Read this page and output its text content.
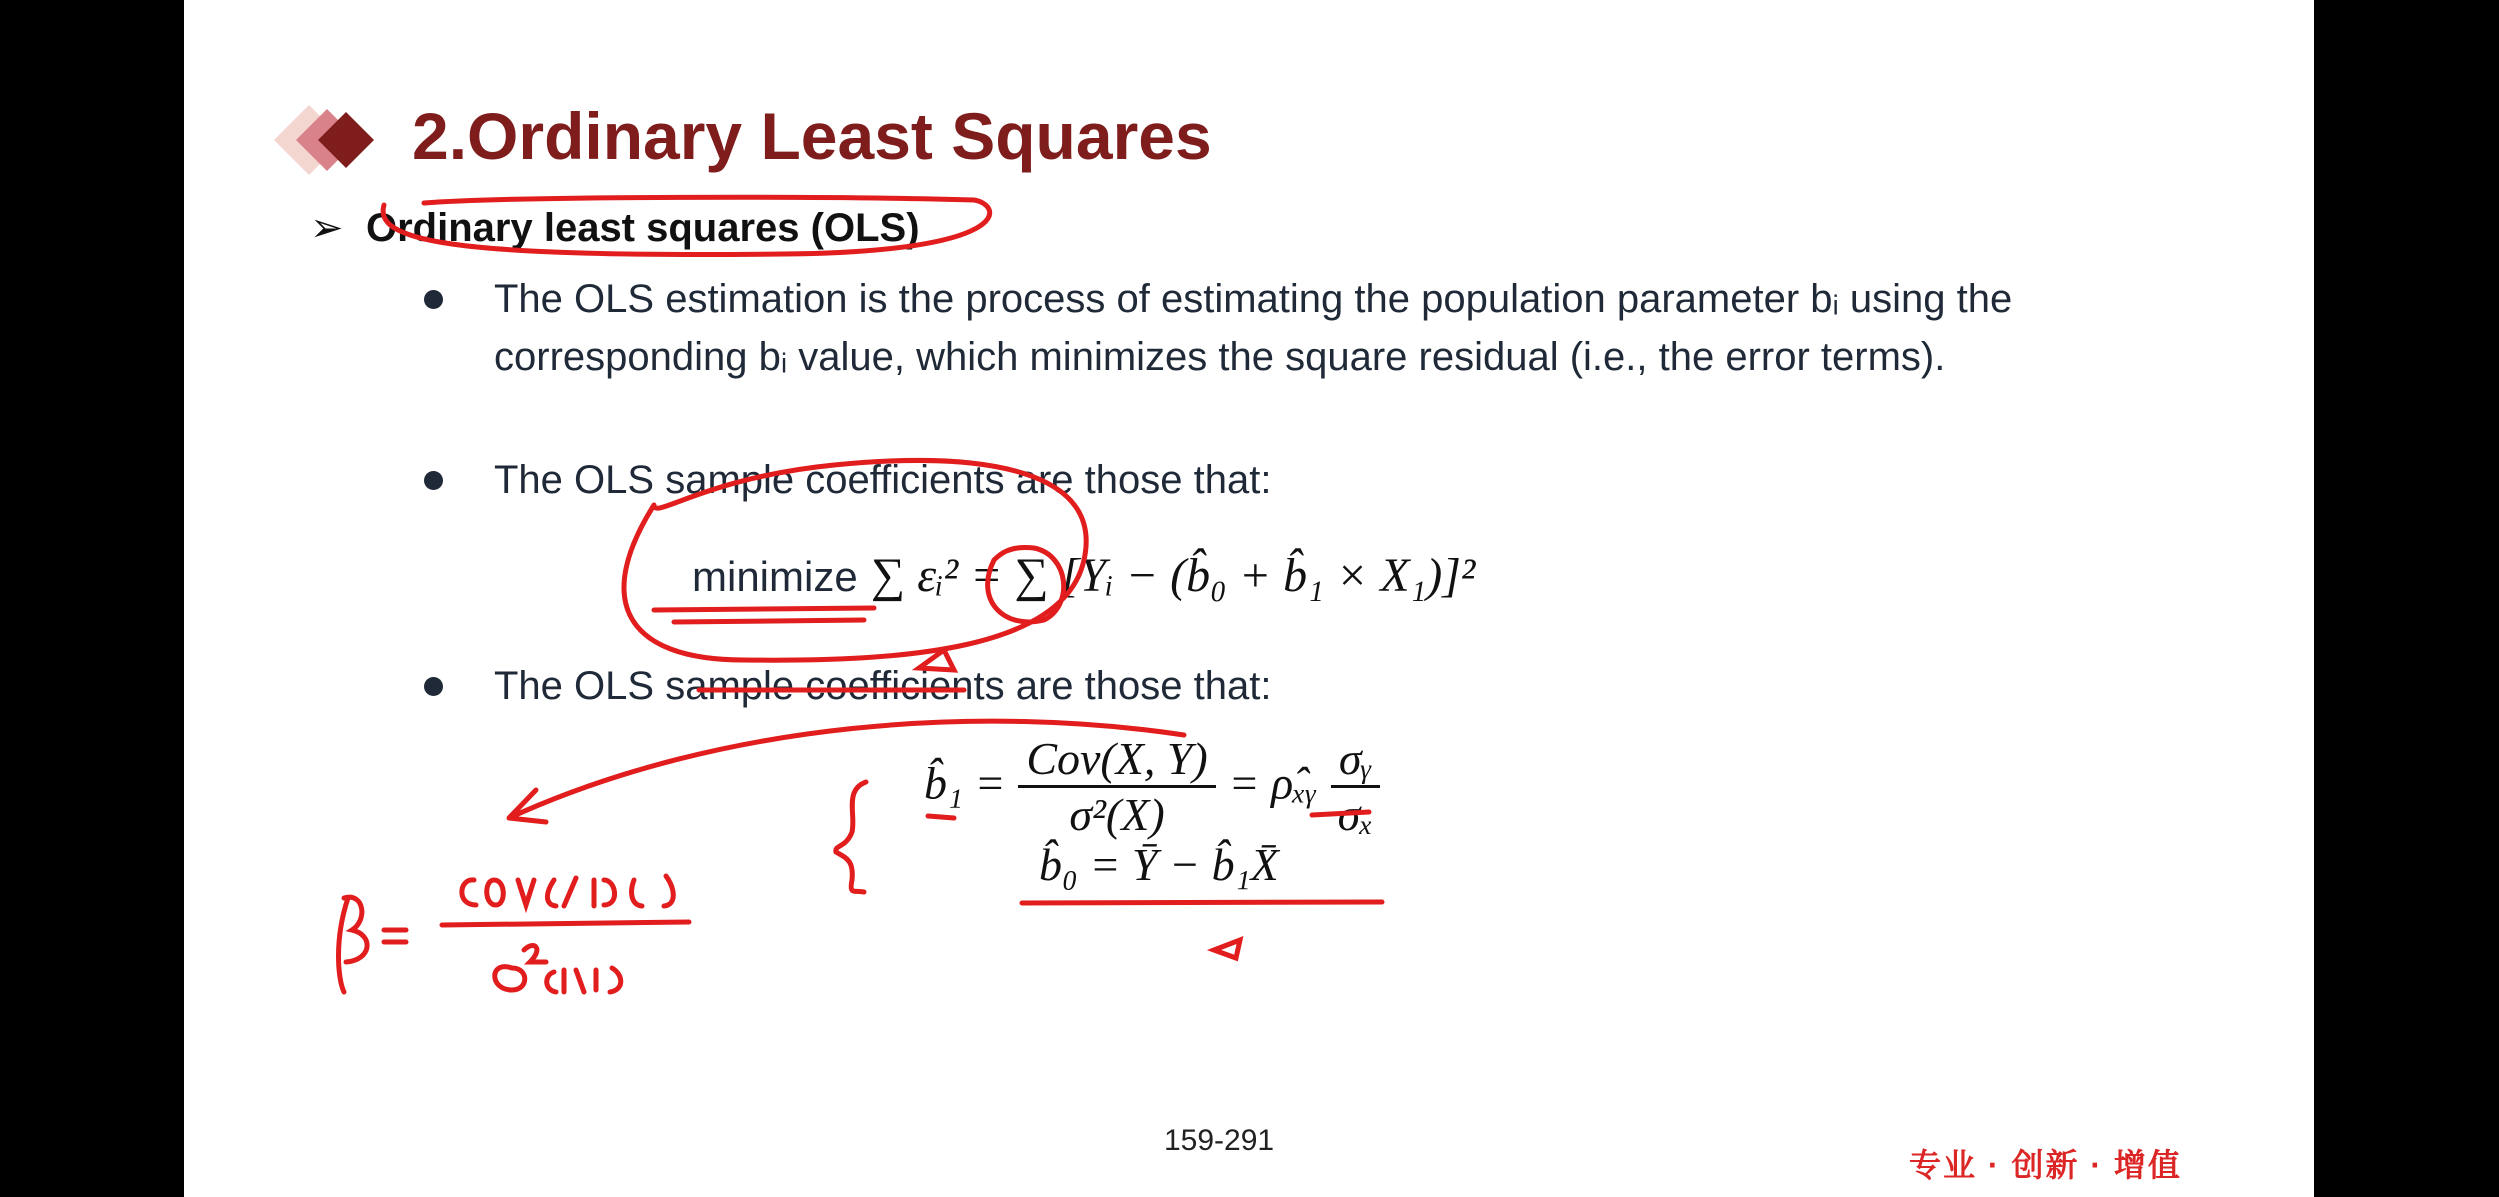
2.Ordinary Least Squares
➢ Ordinary least squares (OLS)
The OLS estimation is the process of estimating the population parameter bᵢ using the corresponding bᵢ value, which minimizes the square residual (i.e., the error terms).
The OLS sample coefficients are those that:
minimize ∑ εᵢ² = ∑ [Yᵢ − (b̂₀ + b̂₁ × X₁)]²
The OLS sample coefficients are those that:
b̂₁ = $\frac{\text{Cov(X, Y)}}{\text{σ²(X)}}$ = ρ̂ₓᵧ $\frac{\text{σᵧ}}{\text{σₓ}}$
b̂₀ = Ȳ − b̂₁X̄
159-291
专业 · 创新 · 增值
